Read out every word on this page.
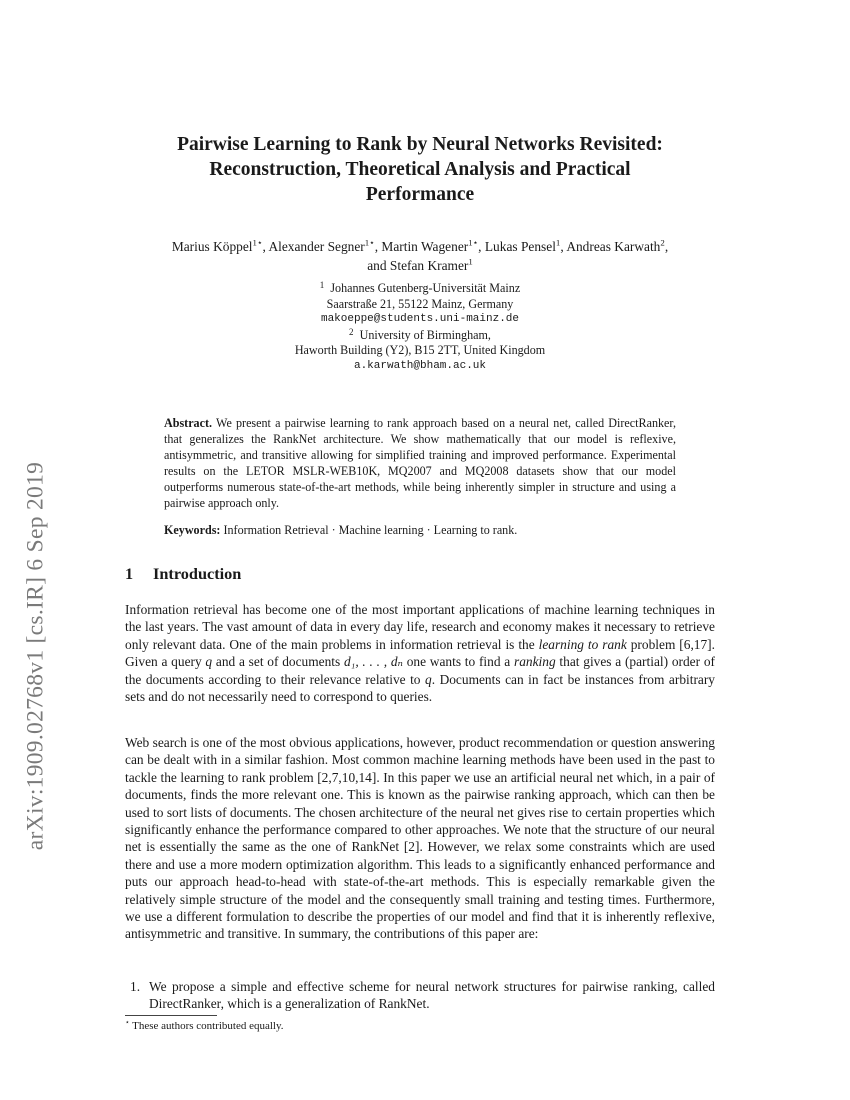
arXiv:1909.02768v1 [cs.IR] 6 Sep 2019
Pairwise Learning to Rank by Neural Networks Revisited:
Reconstruction, Theoretical Analysis and Practical
Performance
Marius Köppel$^{1⋆}$, Alexander Segner$^{1⋆}$, Martin Wagener$^{1⋆}$, Lukas Pensel$^1$, Andreas Karwath$^2$,
and Stefan Kramer$^1$
$^1$ Johannes Gutenberg-Universität Mainz
Saarstraße 21, 55122 Mainz, Germany
makoeppe@students.uni-mainz.de
$^2$ University of Birmingham,
Haworth Building (Y2), B15 2TT, United Kingdom
a.karwath@bham.ac.uk
Abstract. We present a pairwise learning to rank approach based on a neural net, called DirectRanker, that generalizes the RankNet architecture. We show mathematically that our model is reflexive, antisymmetric, and transitive allowing for simplified training and improved performance. Experimental results on the LETOR MSLR-WEB10K, MQ2007 and MQ2008 datasets show that our model outperforms numerous state-of-the-art methods, while being inherently simpler in structure and using a pairwise approach only.
Keywords: Information Retrieval · Machine learning · Learning to rank.
1 Introduction
Information retrieval has become one of the most important applications of machine learning techniques in the last years. The vast amount of data in every day life, research and economy makes it necessary to retrieve only relevant data. One of the main problems in information retrieval is the learning to rank problem [6,17]. Given a query q and a set of documents d₁, . . . , dₙ one wants to find a ranking that gives a (partial) order of the documents according to their relevance relative to q. Documents can in fact be instances from arbitrary sets and do not necessarily need to correspond to queries.
Web search is one of the most obvious applications, however, product recommendation or question answering can be dealt with in a similar fashion. Most common machine learning methods have been used in the past to tackle the learning to rank problem [2,7,10,14]. In this paper we use an artificial neural net which, in a pair of documents, finds the more relevant one. This is known as the pairwise ranking approach, which can then be used to sort lists of documents. The chosen architecture of the neural net gives rise to certain properties which significantly enhance the performance compared to other approaches. We note that the structure of our neural net is essentially the same as the one of RankNet [2]. However, we relax some constraints which are used there and use a more modern optimization algorithm. This leads to a significantly enhanced performance and puts our approach head-to-head with state-of-the-art methods. This is especially remarkable given the relatively simple structure of the model and the consequently small training and testing times. Furthermore, we use a different formulation to describe the properties of our model and find that it is inherently reflexive, antisymmetric and transitive. In summary, the contributions of this paper are:
1. We propose a simple and effective scheme for neural network structures for pairwise ranking, called DirectRanker, which is a generalization of RankNet.
⋆ These authors contributed equally.
